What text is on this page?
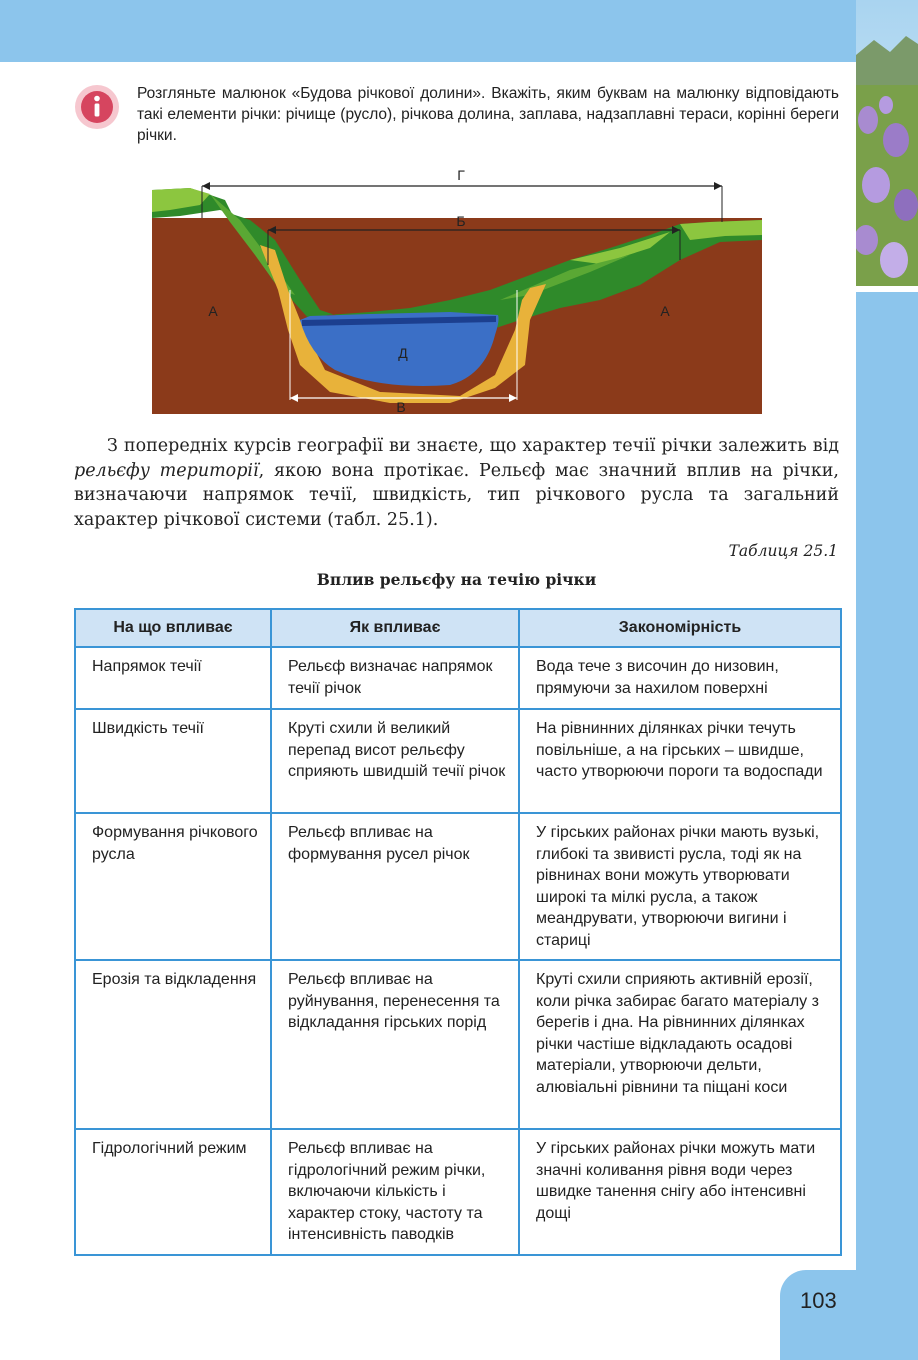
Розгляньте малюнок «Будова річкової долини». Вкажіть, яким буквам на малюнку відповідають такі елементи річки: річище (русло), річкова долина, заплава, надзаплавні тераси, корінні береги річки.
Г
Б
А	А
Д
В
З попередніх курсів географії ви знаєте, що характер течії річки залежить від рельєфу території, якою вона протікає. Рельєф має значний вплив на річки, визначаючи напрямок течії, швидкість, тип річкового русла та загальний характер річкової системи (табл. 25.1).
Таблиця 25.1
Вплив рельєфу на течію річки
На що впливає	Як впливає	Закономірність
Напрямок течії	Рельєф визначає напрямок течії річок	Вода тече з височин до низовин, прямуючи за нахилом поверхні
Швидкість течії	Круті схили й великий перепад висот рельєфу сприяють швидшій течії річок	На рівнинних ділянках річки течуть повільніше, а на гірських – швидше, часто утворюючи пороги та водоспади
Формування річкового русла	Рельєф впливає на формування русел річок	У гірських районах річки мають вузькі, глибокі та звивисті русла, тоді як на рівнинах вони можуть утворювати широкі та мілкі русла, а також меандрувати, утворюючи вигини і стариці
Ерозія та відкладення	Рельєф впливає на руйнування, перенесення та відкладання гірських порід	Круті схили сприяють активній ерозії, коли річка забирає багато матеріалу з берегів і дна. На рівнинних ділянках річки частіше відкладають осадові матеріали, утворюючи дельти, алювіальні рівнини та піщані коси
Гідрологічний режим	Рельєф впливає на гідрологічний режим річки, включаючи кількість і характер стоку, частоту та інтенсивність паводків	У гірських районах річки можуть мати значні коливання рівня води через швидке танення снігу або інтенсивні дощі
103
